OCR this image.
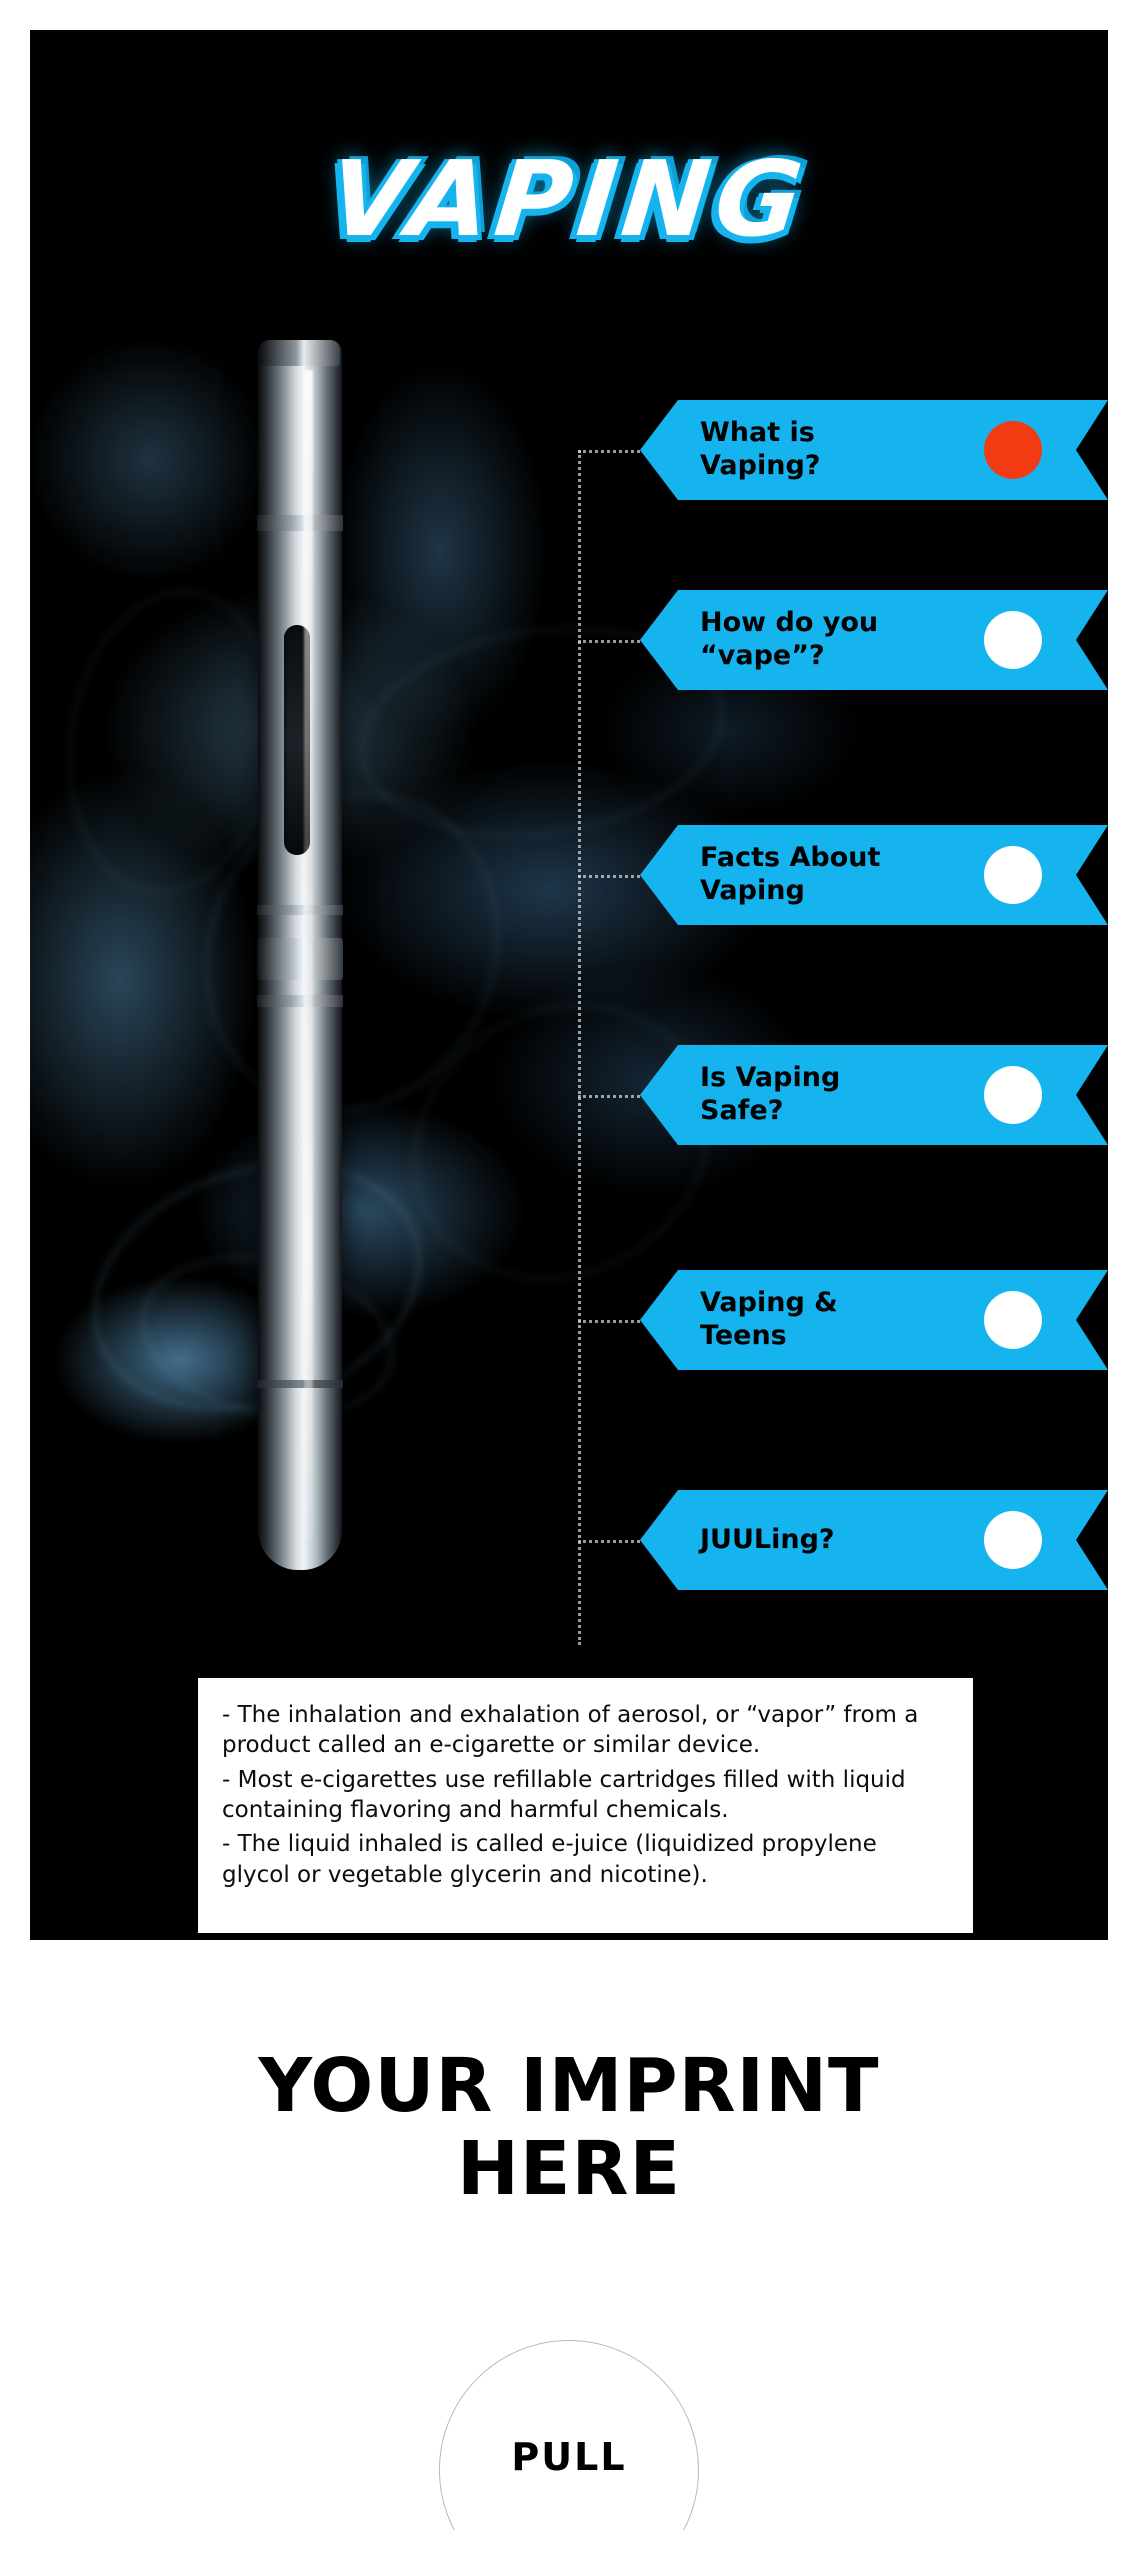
VAPING
What is Vaping?
How do you “vape”?
Facts About Vaping
Is Vaping Safe?
Vaping & Teens
JUULing?

- The inhalation and exhalation of aerosol, or “vapor” from a product called an e-cigarette or similar device.

- Most e-cigarettes use refillable cartridges filled with liquid containing flavoring and harmful chemicals.

- The liquid inhaled is called e-juice (liquidized propylene glycol or vegetable glycerin and nicotine).

YOUR IMPRINT
HERE
PULL
